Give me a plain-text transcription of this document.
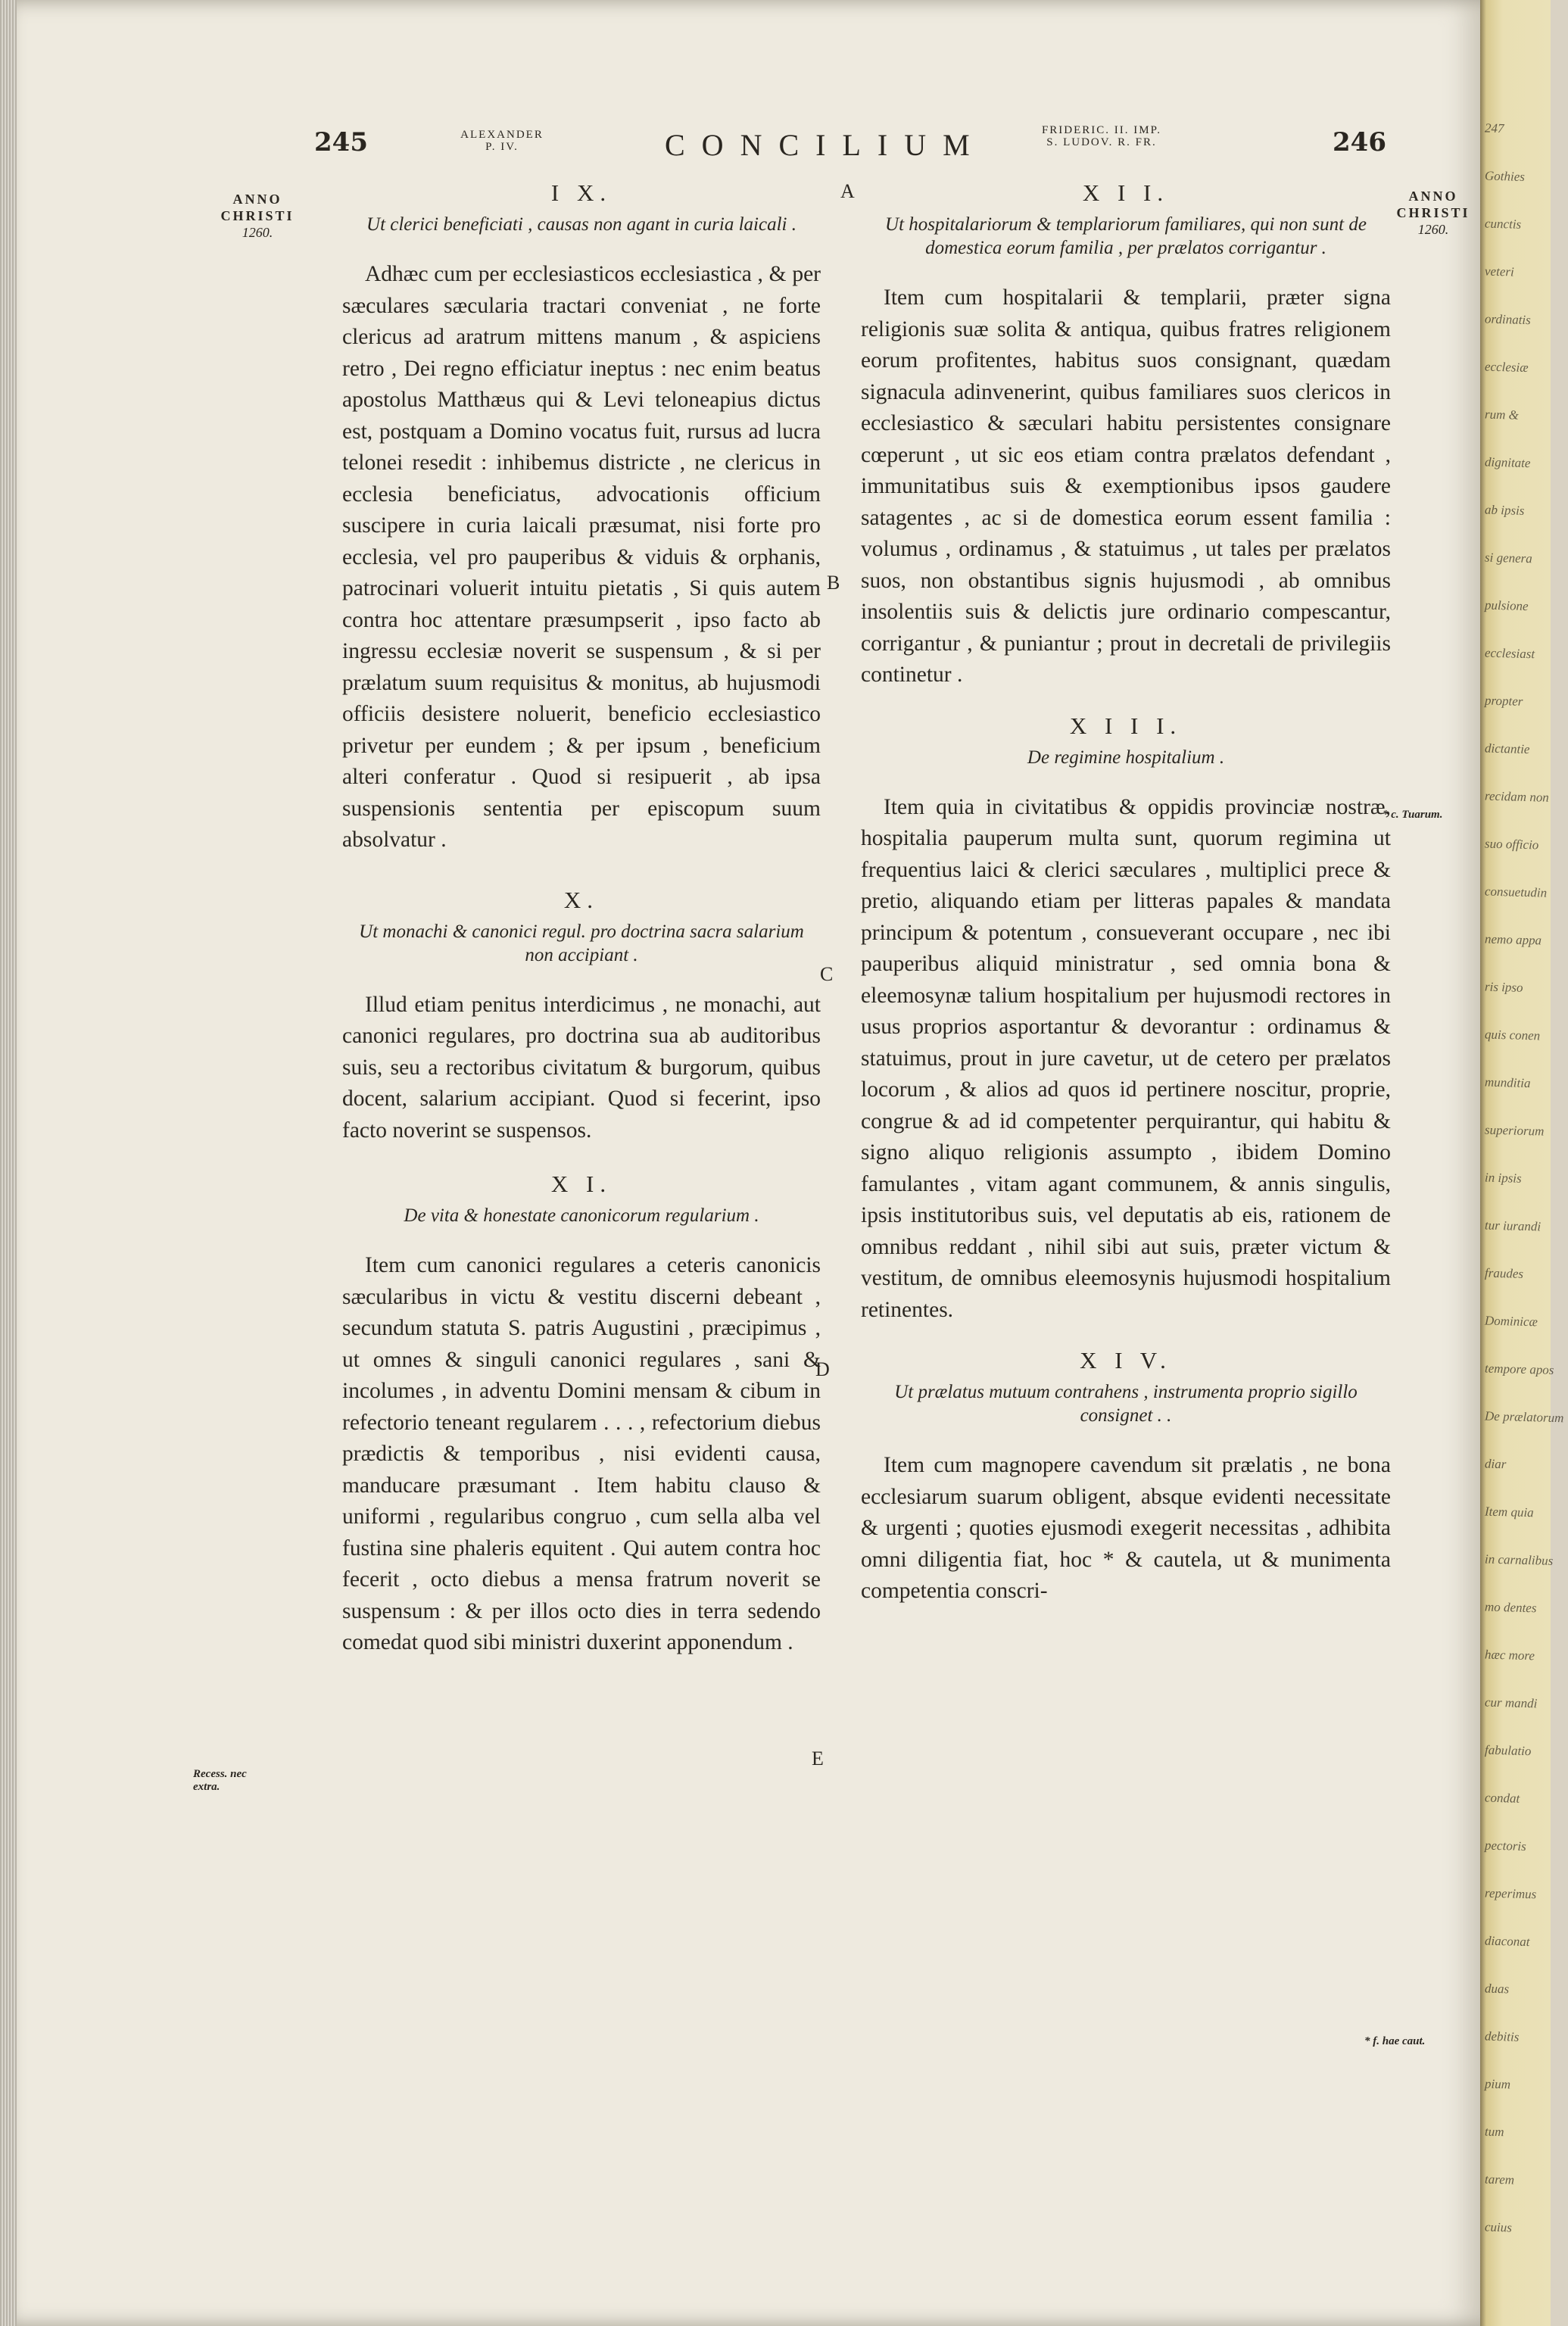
245	ALEXANDER
P. IV.	CONCILIUM	FRIDERIC. II. IMP.
S. LUDOV. R. FR.	246
ANNO
CHRISTI
1260.
ANNO
CHRISTI
1260.
A
B
C
D
E
Recess. nec extra.
* c. Tuarum.
* f. hae caut.
I X.
Ut clerici beneficiati , causas non agant in curia laicali .

Adhæc cum per ecclesiasticos ecclesiastica , & per sæculares sæcularia tractari conveniat , ne forte clericus ad aratrum mittens manum , & aspiciens retro , Dei regno efficiatur ineptus : nec enim beatus apostolus Matthæus qui & Levi teloneарius dictus est, postquam a Domino vocatus fuit, rursus ad lucra telonei resedit : inhibemus districte , ne clericus in ecclesia beneficiatus, advocationis officium suscipere in curia laicali præsumat, nisi forte pro ecclesia, vel pro pauperibus & viduis & orphanis, patrocinari voluerit intuitu pietatis , Si quis autem contra hoc attentare præsumpserit , ipso facto ab ingressu ecclesiæ noverit se suspensum , & si per prælatum suum requisitus & monitus, ab hujusmodi officiis desistere noluerit, beneficio ecclesiastico privetur per eundem ; & per ipsum , beneficium alteri conferatur . Quod si resipuerit , ab ipsa suspensionis sententia per episcopum suum absolvatur .

X.
Ut monachi & canonici regul. pro doctrina sacra salarium non accipiant .

Illud etiam penitus interdicimus , ne monachi, aut canonici regulares, pro doctrina sua ab auditoribus suis, seu a rectoribus civitatum & burgorum, quibus docent, salarium accipiant. Quod si fecerint, ipso facto noverint se suspensos.

X I.
De vita & honestate canonicorum regularium .

Item cum canonici regulares a ceteris canonicis sæcularibus in victu & vestitu discerni debeant , secundum statuta S. patris Augustini , præcipimus , ut omnes & singuli canonici regulares , sani & incolumes , in adventu Domini mensam & cibum in refectorio teneant regularem . . . , refectorium diebus prædictis & temporibus , nisi evidenti causa, manducare præsumant . Item habitu clauso & uniformi , regularibus congruo , cum sella alba vel fustina sine phaleris equitent . Qui autem contra hoc fecerit , octo diebus a mensa fratrum noverit se suspensum : & per illos octo dies in terra sedendo comedat quod sibi ministri duxerint apponendum .

X I I.
Ut hospitalariorum & templariorum familiares, qui non sunt de domestica eorum familia , per prælatos corrigantur .

Item cum hospitalarii & templarii, præter signa religionis suæ solita & antiqua, quibus fratres religionem eorum profitentes, habitus suos consignant, quædam signacula adinvenerint, quibus familiares suos clericos in ecclesiastico & sæculari habitu persistentes consignare cœperunt , ut sic eos etiam contra prælatos defendant , immunitatibus suis & exemptionibus ipsos gaudere satagentes , ac si de domestica eorum essent familia : volumus , ordinamus , & statuimus , ut tales per prælatos suos, non obstantibus signis hujusmodi , ab omnibus insolentiis suis & delictis jure ordinario compescantur, corrigantur , & puniantur ; prout in decretali de privilegiis continetur .

X I I I.
De regimine hospitalium .

Item quia in civitatibus & oppidis provinciæ nostræ, hospitalia pauperum multa sunt, quorum regimina ut frequentius laici & clerici sæculares , multiplici prece & pretio, aliquando etiam per litteras papales & mandata principum & potentum , consueverant occupare , nec ibi pauperibus aliquid ministratur , sed omnia bona & eleemosynæ talium hospitalium per hujusmodi rectores in usus proprios asportantur & devorantur : ordinamus & statuimus, prout in jure cavetur, ut de cetero per prælatos locorum , & alios ad quos id pertinere noscitur, proprie, congrue & ad id competenter perquirantur, qui habitu & signo aliquo religionis assumpto , ibidem Domino famulantes , vitam agant communem, & annis singulis, ipsis institutoribus suis, vel deputatis ab eis, rationem de omnibus reddant , nihil sibi aut suis, præter victum & vestitum, de omnibus eleemosynis hujusmodi hospitalium retinentes.

X I V.
Ut prælatus mutuum contrahens , instrumenta proprio sigillo consignet . .

Item cum magnopere cavendum sit prælatis , ne bona ecclesiarum suarum obligent, absque evidenti necessitate & urgenti ; quoties ejusmodi exegerit necessitas , adhibita omni diligentia fiat, hoc * & cautela, ut & munimenta competentia conscri-

247
Gothies
cunctis
veteri
ordinatis
ecclesiæ
rum &
dignitate
ab ipsis
si genera
pulsione
ecclesiast
propter
dictantie
recidam non
suo officio
consuetudin
nemo appa
ris ipso
quis conen
munditia
superiorum
in ipsis
tur iurandi
fraudes
Dominicæ
tempore apos
De prælatorum
diar
Item quia
in carnalibus
mo dentes
hæc more
cur mandi
fabulatio
condat
pectoris
reperimus
diaconat
duas
debitis
pium
tum
tarem
cuius
